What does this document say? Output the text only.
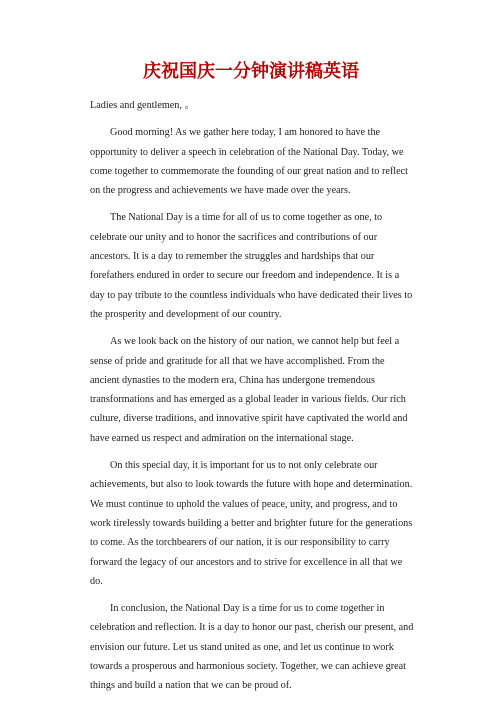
庆祝国庆一分钟演讲稿英语

Ladies and gentlemen, 。

Good morning! As we gather here today, I am honored to have the opportunity to deliver a speech in celebration of the National Day. Today, we come together to commemorate the founding of our great nation and to reflect on the progress and achievements we have made over the years.

The National Day is a time for all of us to come together as one, to celebrate our unity and to honor the sacrifices and contributions of our ancestors. It is a day to remember the struggles and hardships that our forefathers endured in order to secure our freedom and independence. It is a day to pay tribute to the countless individuals who have dedicated their lives to the prosperity and development of our country.

As we look back on the history of our nation, we cannot help but feel a sense of pride and gratitude for all that we have accomplished. From the ancient dynasties to the modern era, China has undergone tremendous transformations and has emerged as a global leader in various fields. Our rich culture, diverse traditions, and innovative spirit have captivated the world and have earned us respect and admiration on the international stage.

On this special day, it is important for us to not only celebrate our achievements, but also to look towards the future with hope and determination. We must continue to uphold the values of peace, unity, and progress, and to work tirelessly towards building a better and brighter future for the generations to come. As the torchbearers of our nation, it is our responsibility to carry forward the legacy of our ancestors and to strive for excellence in all that we do.

In conclusion, the National Day is a time for us to come together in celebration and reflection. It is a day to honor our past, cherish our present, and envision our future. Let us stand united as one, and let us continue to work towards a prosperous and harmonious society. Together, we can achieve great things and build a nation that we can be proud of.
